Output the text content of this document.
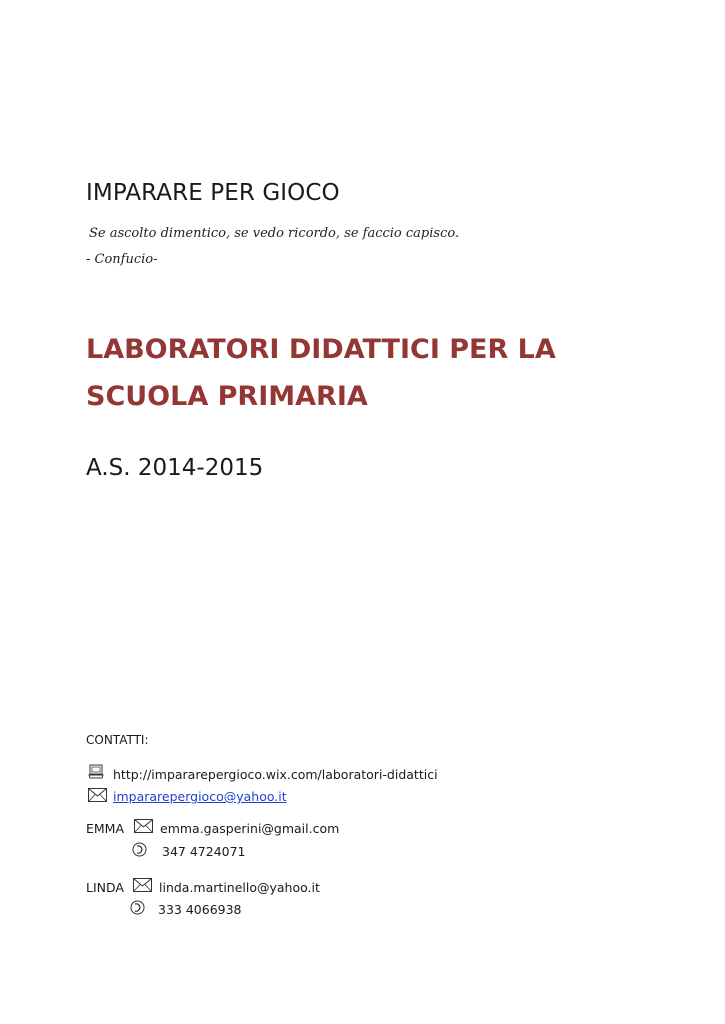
IMPARARE PER GIOCO
Se ascolto dimentico, se vedo ricordo, se faccio capisco.
- Confucio-
LABORATORI DIDATTICI PER LA
SCUOLA PRIMARIA
A.S. 2014-2015
CONTATTI:
http://impararepergioco.wix.com/laboratori-didattici
impararepergioco@yahoo.it
EMMA	emma.gasperini@gmail.com
347 4724071
LINDA	linda.martinello@yahoo.it
333 4066938
